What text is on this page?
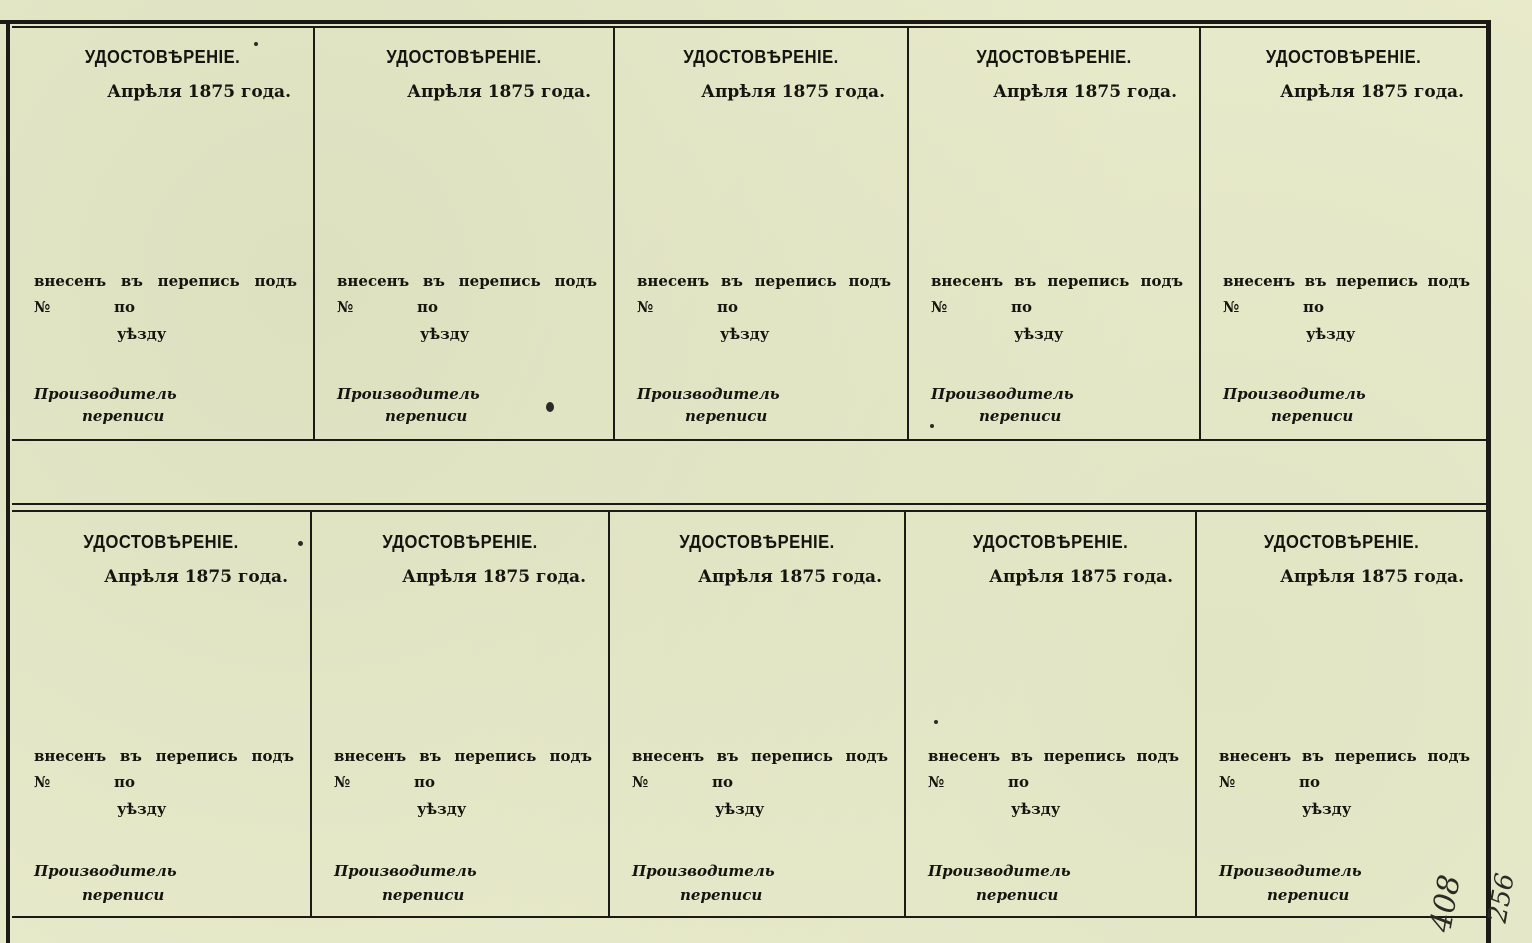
УДОСТОВѢРЕНІЕ.
Апрѣля 1875 года.
внесенъ въ перепись подъ
№	по
уѣзду
Производитель
переписи
УДОСТОВѢРЕНІЕ.
Апрѣля 1875 года.
внесенъ въ перепись подъ
№	по
уѣзду
Производитель
переписи
УДОСТОВѢРЕНІЕ.
Апрѣля 1875 года.
внесенъ въ перепись подъ
№	по
уѣзду
Производитель
переписи
УДОСТОВѢРЕНІЕ.
Апрѣля 1875 года.
внесенъ въ перепись подъ
№	по
уѣзду
Производитель
переписи
УДОСТОВѢРЕНІЕ.
Апрѣля 1875 года.
внесенъ въ перепись подъ
№	по
уѣзду
Производитель
переписи
УДОСТОВѢРЕНІЕ.
Апрѣля 1875 года.
внесенъ въ перепись подъ
№	по
уѣзду
Производитель
переписи
УДОСТОВѢРЕНІЕ.
Апрѣля 1875 года.
внесенъ въ перепись подъ
№	по
уѣзду
Производитель
переписи
УДОСТОВѢРЕНІЕ.
Апрѣля 1875 года.
внесенъ въ перепись подъ
№	по
уѣзду
Производитель
переписи
УДОСТОВѢРЕНІЕ.
Апрѣля 1875 года.
внесенъ въ перепись подъ
№	по
уѣзду
Производитель
переписи
УДОСТОВѢРЕНІЕ.
Апрѣля 1875 года.
внесенъ въ перепись подъ
№	по
уѣзду
Производитель
переписи 408 256
